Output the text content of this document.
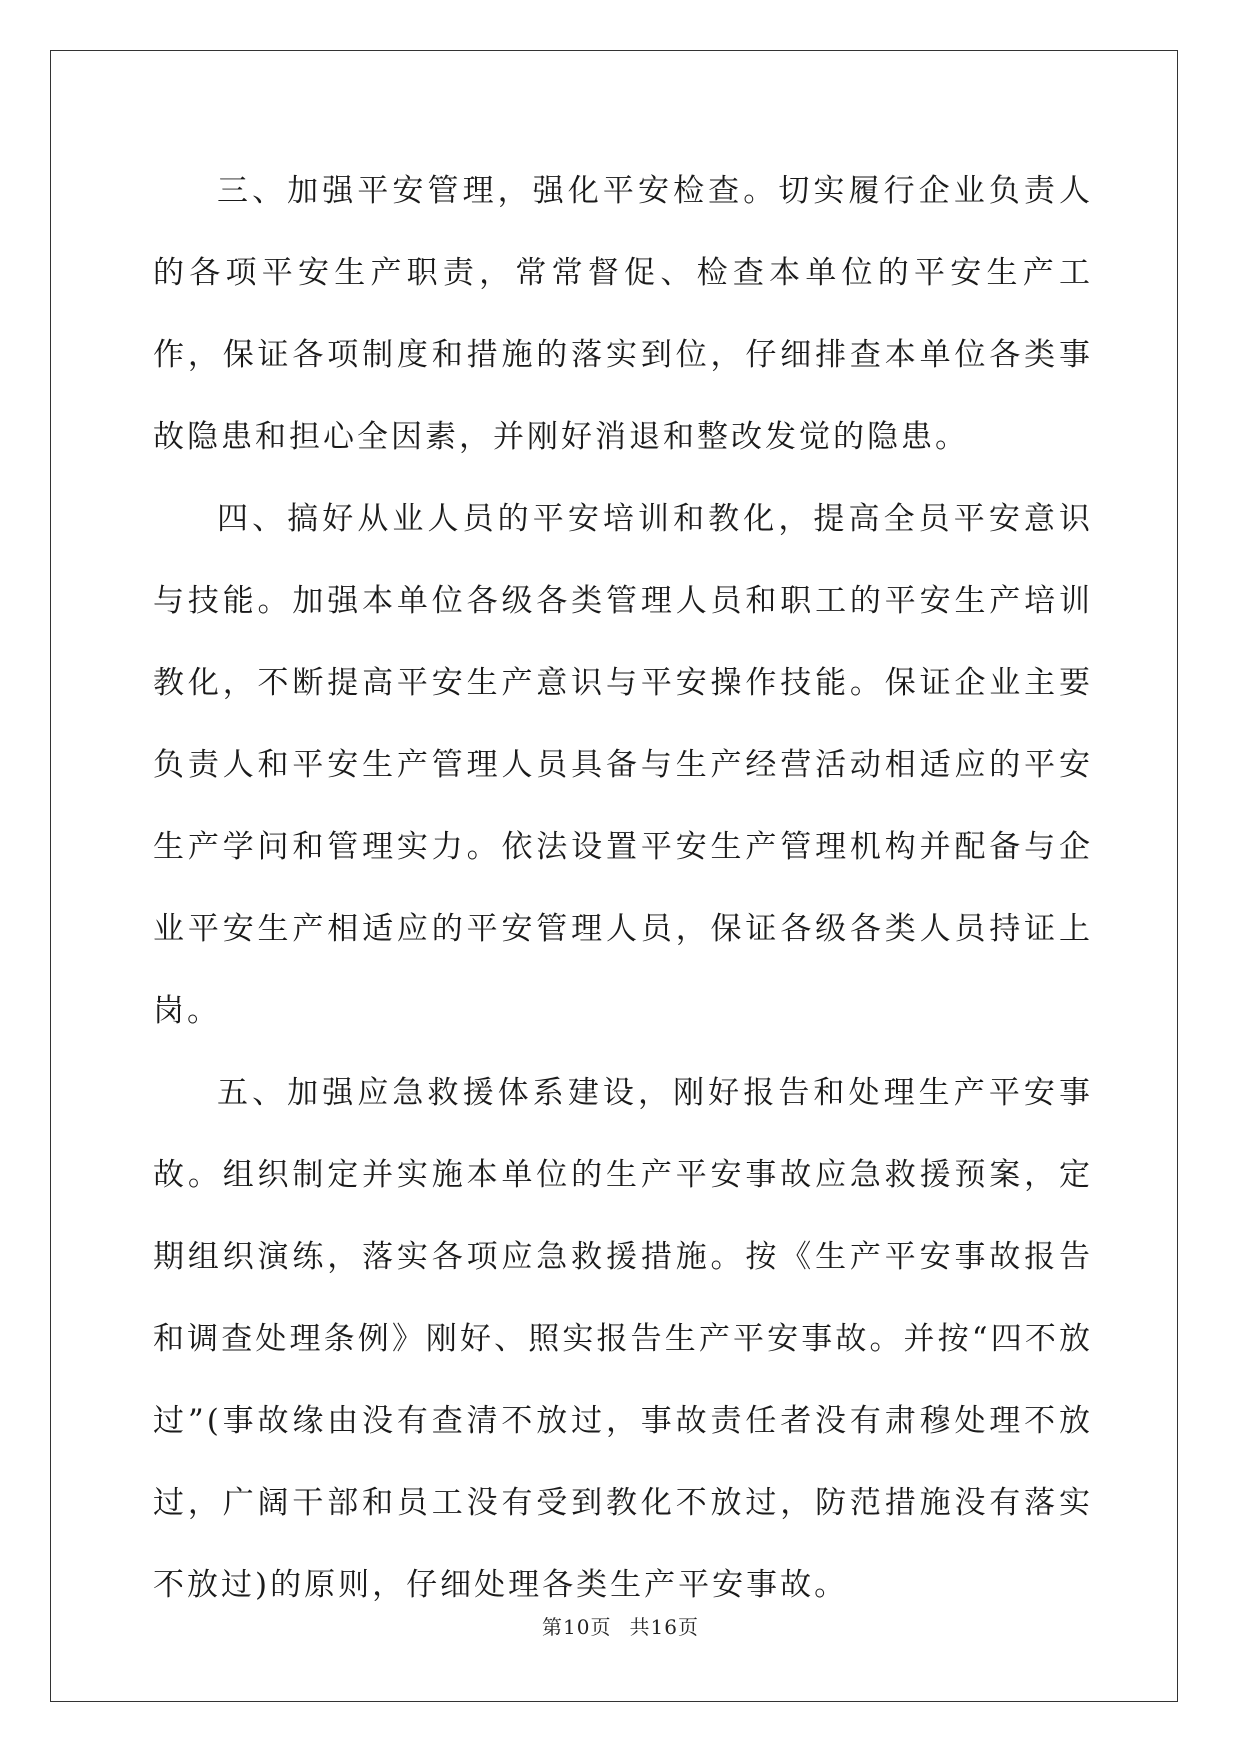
三、加强平安管理，强化平安检查。切实履行企业负责人的各项平安生产职责，常常督促、检查本单位的平安生产工作，保证各项制度和措施的落实到位，仔细排查本单位各类事故隐患和担心全因素，并刚好消退和整改发觉的隐患。

四、搞好从业人员的平安培训和教化，提高全员平安意识与技能。加强本单位各级各类管理人员和职工的平安生产培训教化，不断提高平安生产意识与平安操作技能。保证企业主要负责人和平安生产管理人员具备与生产经营活动相适应的平安生产学问和管理实力。依法设置平安生产管理机构并配备与企业平安生产相适应的平安管理人员，保证各级各类人员持证上岗。

五、加强应急救援体系建设，刚好报告和处理生产平安事故。组织制定并实施本单位的生产平安事故应急救援预案，定期组织演练，落实各项应急救援措施。按《生产平安事故报告和调查处理条例》刚好、照实报告生产平安事故。并按“四不放过”(事故缘由没有查清不放过，事故责任者没有肃穆处理不放过，广阔干部和员工没有受到教化不放过，防范措施没有落实不放过)的原则，仔细处理各类生产平安事故。

第10页 共16页
